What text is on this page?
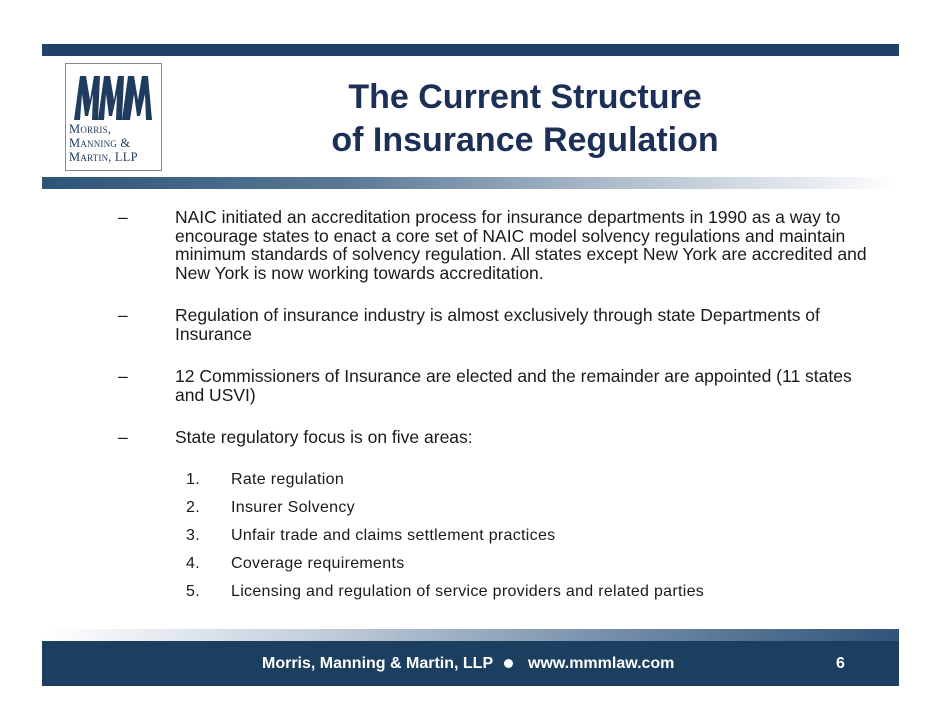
Morris,
Manning &
Martin, LLP
The Current Structure
of Insurance Regulation
–	NAIC initiated an accreditation process for insurance departments in 1990 as a way to encourage states to enact a core set of NAIC model solvency regulations and maintain minimum standards of solvency regulation. All states except New York are accredited and New York is now working towards accreditation.
–	Regulation of insurance industry is almost exclusively through state Departments of Insurance
–	12 Commissioners of Insurance are elected and the remainder are appointed (11 states and USVI)
–	State regulatory focus is on five areas:
1. Rate regulation
2. Insurer Solvency
3. Unfair trade and claims settlement practices
4. Coverage requirements
5. Licensing and regulation of service providers and related parties
Morris, Manning & Martin, LLP www.mmmlaw.com	6
